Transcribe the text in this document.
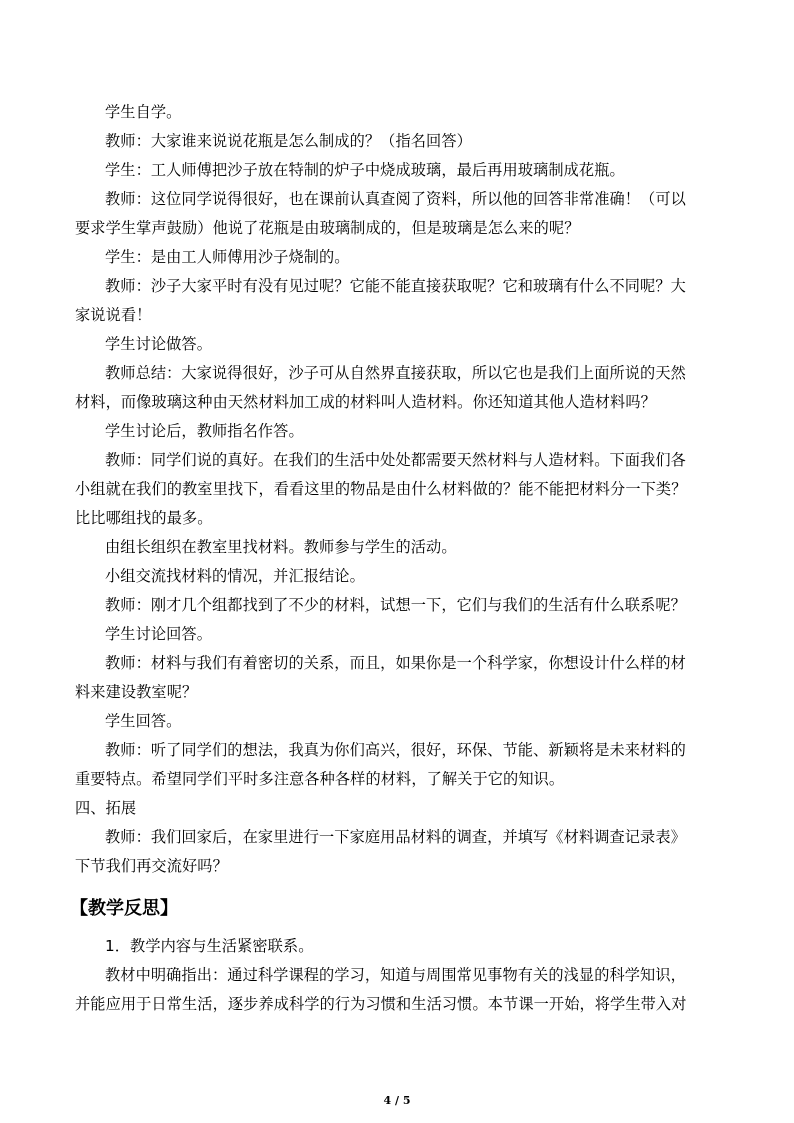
学生自学。
教师：大家谁来说说花瓶是怎么制成的？（指名回答）
学生：工人师傅把沙子放在特制的炉子中烧成玻璃，最后再用玻璃制成花瓶。
教师：这位同学说得很好，也在课前认真查阅了资料，所以他的回答非常准确！（可以
要求学生掌声鼓励）他说了花瓶是由玻璃制成的，但是玻璃是怎么来的呢？
学生：是由工人师傅用沙子烧制的。
教师：沙子大家平时有没有见过呢？它能不能直接获取呢？它和玻璃有什么不同呢？大
家说说看！
学生讨论做答。
教师总结：大家说得很好，沙子可从自然界直接获取，所以它也是我们上面所说的天然
材料，而像玻璃这种由天然材料加工成的材料叫人造材料。你还知道其他人造材料吗？
学生讨论后，教师指名作答。
教师：同学们说的真好。在我们的生活中处处都需要天然材料与人造材料。下面我们各
小组就在我们的教室里找下，看看这里的物品是由什么材料做的？能不能把材料分一下类？
比比哪组找的最多。
由组长组织在教室里找材料。教师参与学生的活动。
小组交流找材料的情况，并汇报结论。
教师：刚才几个组都找到了不少的材料，试想一下，它们与我们的生活有什么联系呢？
学生讨论回答。
教师：材料与我们有着密切的关系，而且，如果你是一个科学家，你想设计什么样的材
料来建设教室呢？
学生回答。
教师：听了同学们的想法，我真为你们高兴，很好，环保、节能、新颖将是未来材料的
重要特点。希望同学们平时多注意各种各样的材料，了解关于它的知识。
四、拓展
教师：我们回家后，在家里进行一下家庭用品材料的调查，并填写《材料调查记录表》
下节我们再交流好吗？
【教学反思】
1．教学内容与生活紧密联系。
教材中明确指出：通过科学课程的学习，知道与周围常见事物有关的浅显的科学知识，
并能应用于日常生活，逐步养成科学的行为习惯和生活习惯。本节课一开始，将学生带入对
4 / 5
